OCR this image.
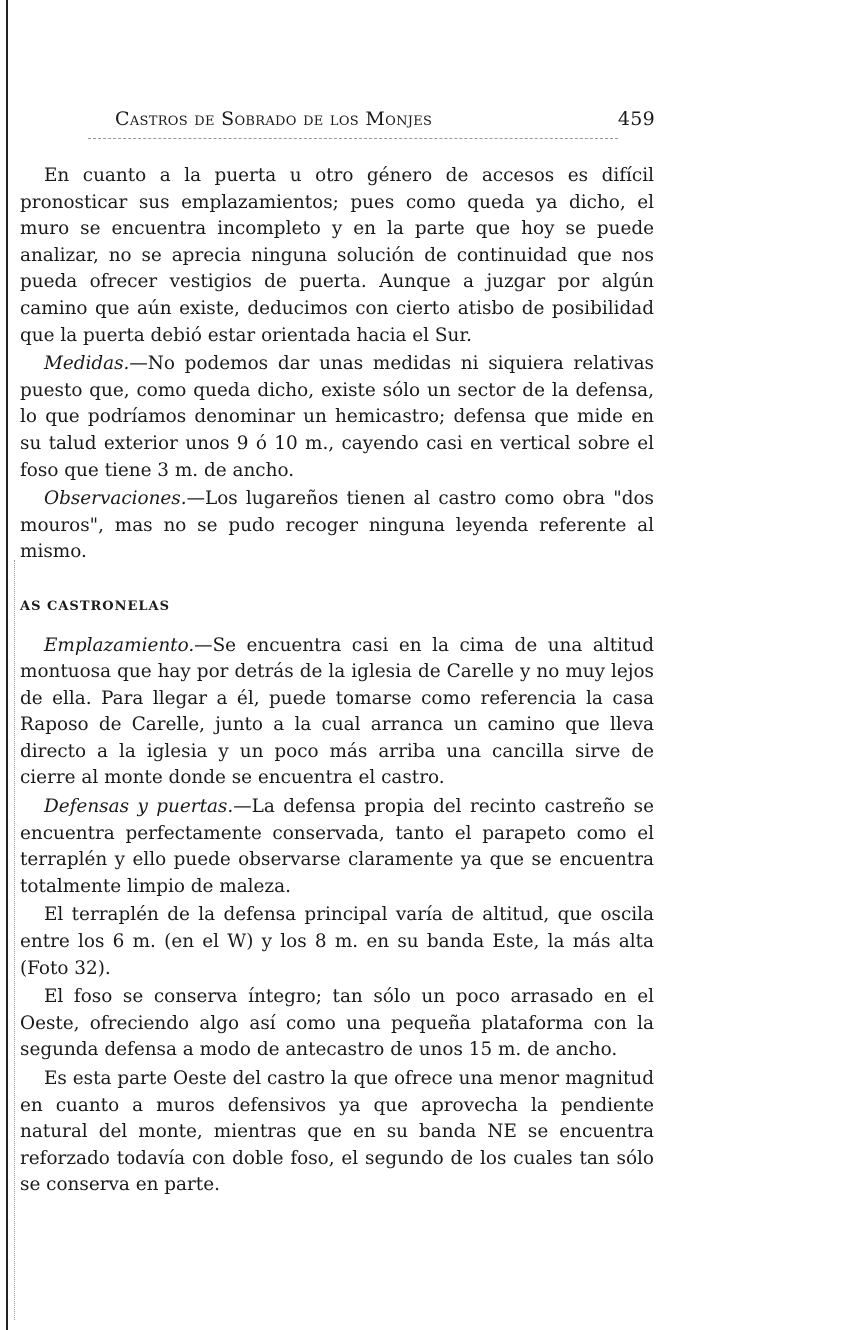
Castros de Sobrado de los Monjes	459

En cuanto a la puerta u otro género de accesos es difícil pronosticar sus emplazamientos; pues como queda ya dicho, el muro se encuentra incompleto y en la parte que hoy se puede analizar, no se aprecia ninguna solución de continuidad que nos pueda ofrecer vestigios de puerta. Aunque a juzgar por algún camino que aún existe, deducimos con cierto atisbo de posibilidad que la puerta debió estar orientada hacia el Sur.

Medidas.—No podemos dar unas medidas ni siquiera relativas puesto que, como queda dicho, existe sólo un sector de la defensa, lo que podríamos denominar un hemicastro; defensa que mide en su talud exterior unos 9 ó 10 m., cayendo casi en vertical sobre el foso que tiene 3 m. de ancho.

Observaciones.—Los lugareños tienen al castro como obra "dos mouros", mas no se pudo recoger ninguna leyenda referente al mismo.

AS CASTRONELAS

Emplazamiento.—Se encuentra casi en la cima de una altitud montuosa que hay por detrás de la iglesia de Carelle y no muy lejos de ella. Para llegar a él, puede tomarse como referencia la casa Raposo de Carelle, junto a la cual arranca un camino que lleva directo a la iglesia y un poco más arriba una cancilla sirve de cierre al monte donde se encuentra el castro.

Defensas y puertas.—La defensa propia del recinto castreño se encuentra perfectamente conservada, tanto el parapeto como el terraplén y ello puede observarse claramente ya que se encuentra totalmente limpio de maleza.

El terraplén de la defensa principal varía de altitud, que oscila entre los 6 m. (en el W) y los 8 m. en su banda Este, la más alta (Foto 32).

El foso se conserva íntegro; tan sólo un poco arrasado en el Oeste, ofreciendo algo así como una pequeña plataforma con la segunda defensa a modo de antecastro de unos 15 m. de ancho.

Es esta parte Oeste del castro la que ofrece una menor magnitud en cuanto a muros defensivos ya que aprovecha la pendiente natural del monte, mientras que en su banda NE se encuentra reforzado todavía con doble foso, el segundo de los cuales tan sólo se conserva en parte.
